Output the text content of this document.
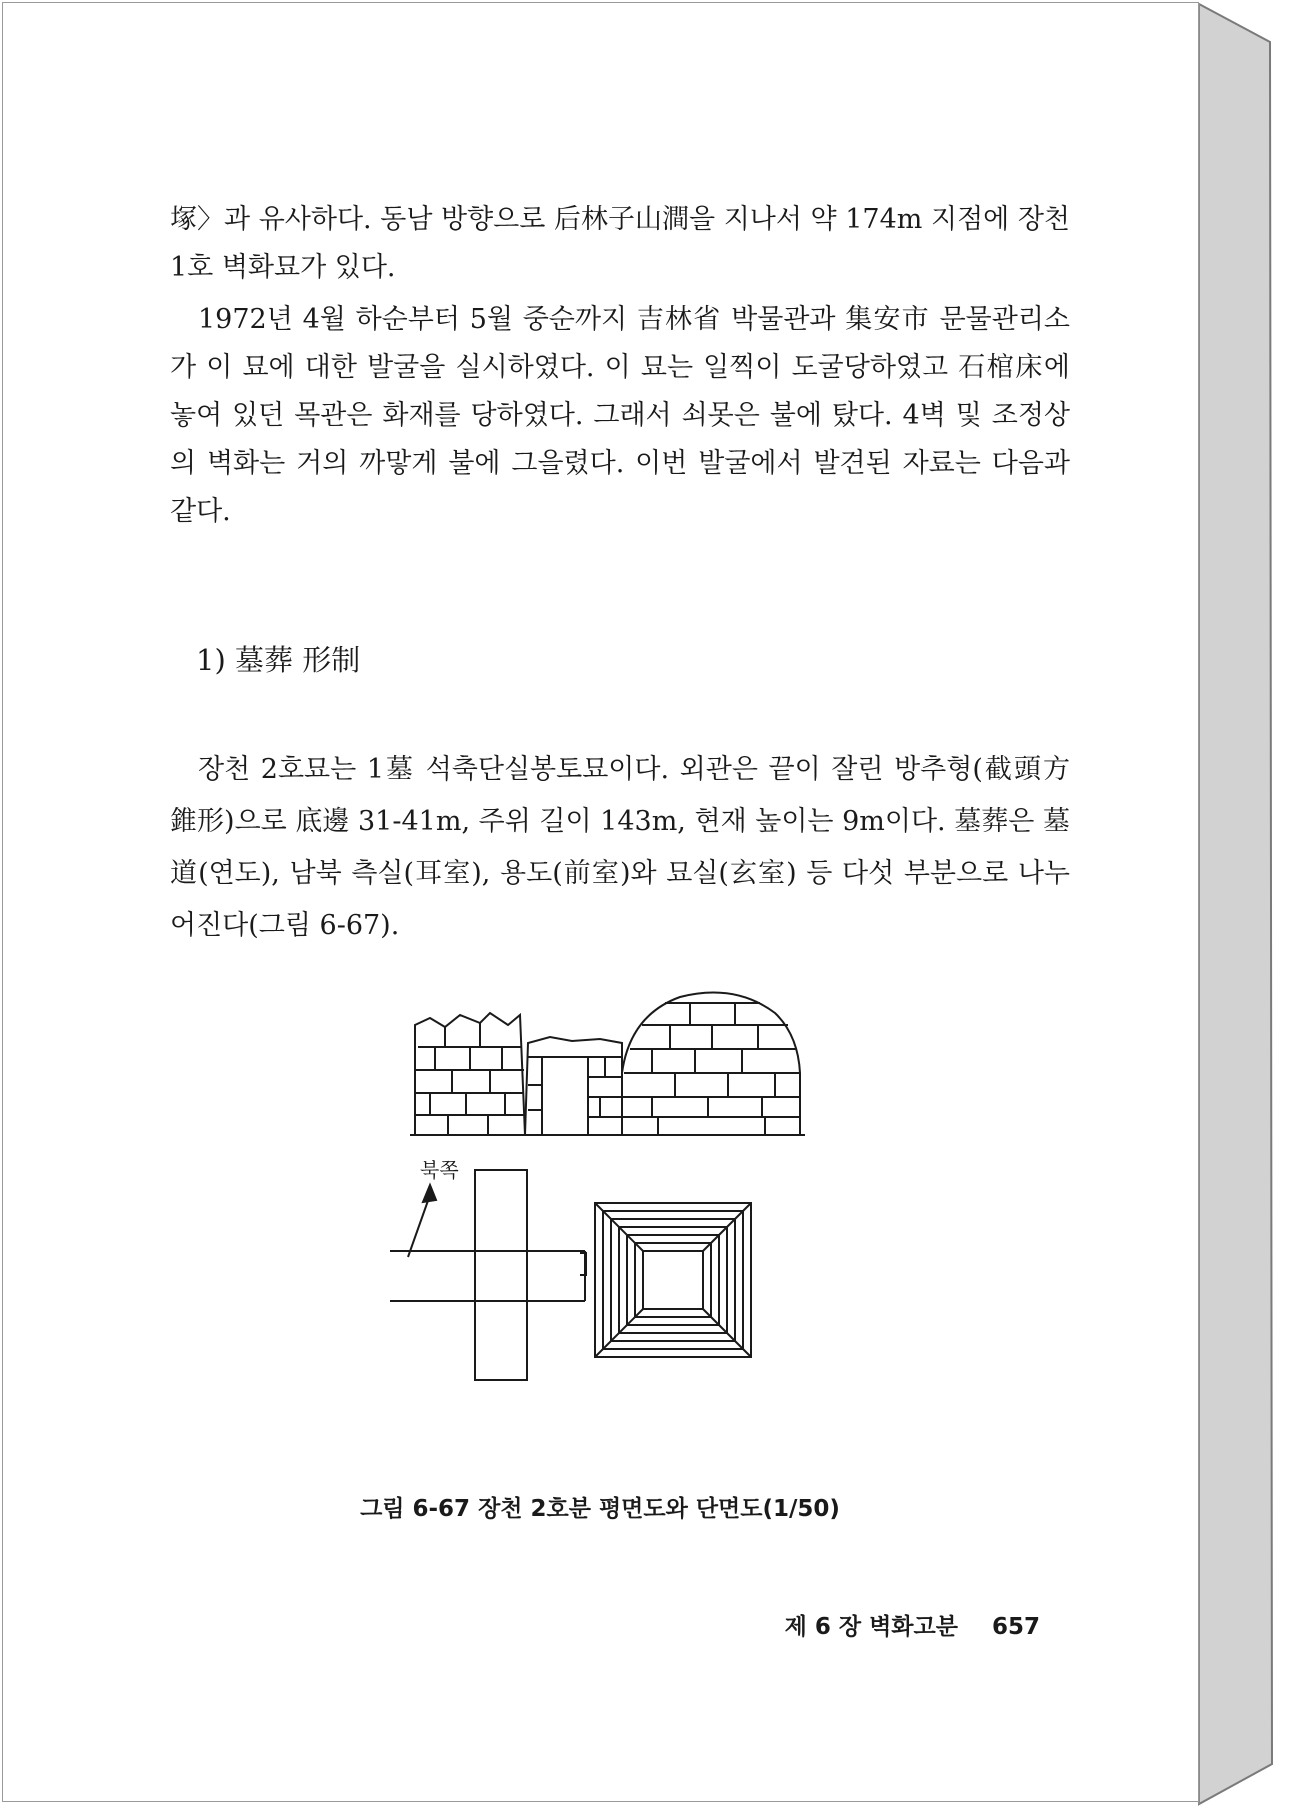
塚〉과 유사하다. 동남 방향으로 后林子山澗을 지나서 약 174m 지점에 장천 1호 벽화묘가 있다.

1972년 4월 하순부터 5월 중순까지 吉林省 박물관과 集安市 문물관리소가 이 묘에 대한 발굴을 실시하였다. 이 묘는 일찍이 도굴당하였고 石棺床에 놓여 있던 목관은 화재를 당하였다. 그래서 쇠못은 불에 탔다. 4벽 및 조정상의 벽화는 거의 까맣게 불에 그을렸다. 이번 발굴에서 발견된 자료는 다음과 같다.

1) 墓葬 形制

장천 2호묘는 1墓 석축단실봉토묘이다. 외관은 끝이 잘린 방추형(截頭方錐形)으로 底邊 31-41m, 주위 길이 143m, 현재 높이는 9m이다. 墓葬은 墓道(연도), 남북 측실(耳室), 용도(前室)와 묘실(玄室) 등 다섯 부분으로 나누어진다(그림 6-67).

북쪽
그림 6-67 장천 2호분 평면도와 단면도(1/50)
제 6 장 벽화고분 657
